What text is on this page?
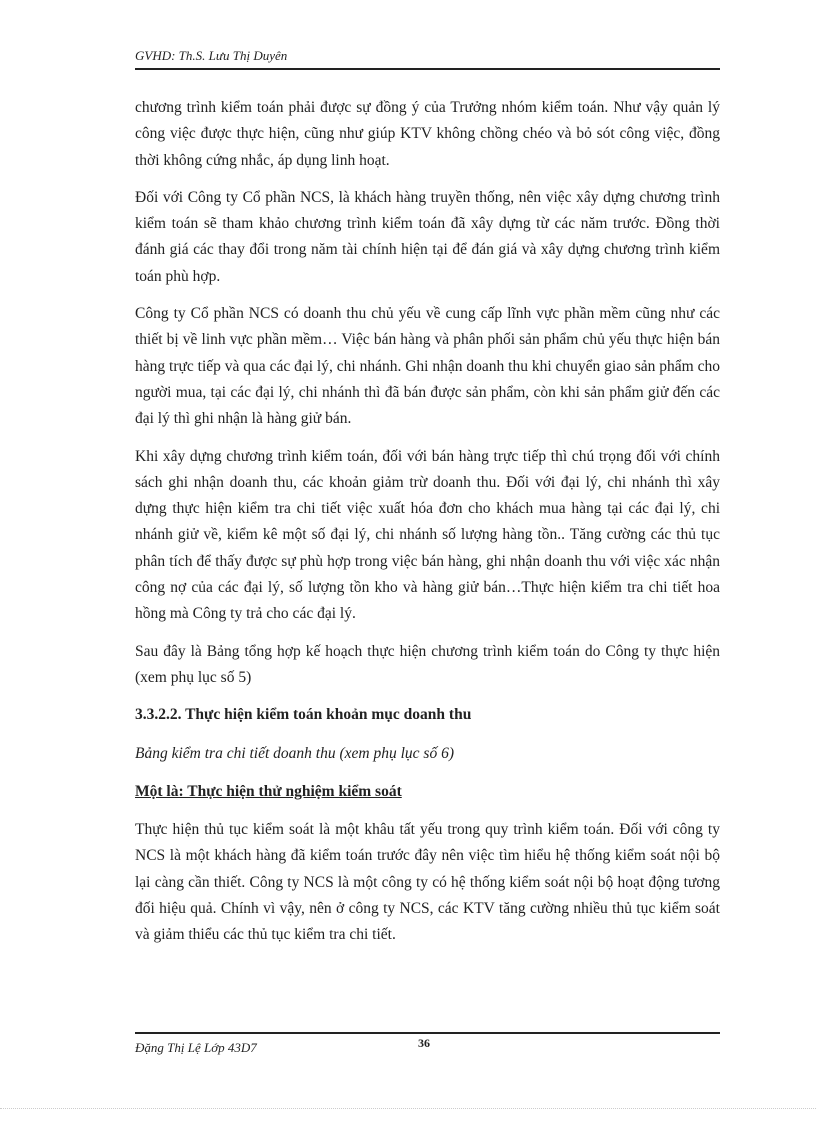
GVHD: Th.S. Lưu Thị Duyên

chương trình kiểm toán phải được sự đồng ý của Trưởng nhóm kiểm toán. Như vậy quản lý công việc được thực hiện, cũng như giúp KTV không chồng chéo và bỏ sót công việc, đồng thời không cứng nhắc, áp dụng linh hoạt.

Đối với Công ty Cổ phần NCS, là khách hàng truyền thống, nên việc xây dựng chương trình kiểm toán sẽ tham khảo chương trình kiểm toán đã xây dựng từ các năm trước. Đồng thời đánh giá các thay đổi trong năm tài chính hiện tại để đán giá và xây dựng chương trình kiểm toán phù hợp.

Công ty Cổ phần NCS có doanh thu chủ yếu về cung cấp lĩnh vực phần mềm cũng như các thiết bị về linh vực phần mềm… Việc bán hàng và phân phối sản phẩm chủ yếu thực hiện bán hàng trực tiếp và qua các đại lý, chi nhánh. Ghi nhận doanh thu khi chuyển giao sản phẩm cho người mua, tại các đại lý, chi nhánh thì đã bán được sản phẩm, còn khi sản phẩm giử đến các đại lý thì ghi nhận là hàng giử bán.

Khi xây dựng chương trình kiểm toán, đối với bán hàng trực tiếp thì chú trọng đối với chính sách ghi nhận doanh thu, các khoản giảm trừ doanh thu. Đối với đại lý, chi nhánh thì xây dựng thực hiện kiểm tra chi tiết việc xuất hóa đơn cho khách mua hàng tại các đại lý, chi nhánh giử về, kiểm kê một số đại lý, chi nhánh số lượng hàng tồn.. Tăng cường các thủ tục phân tích để thấy được sự phù hợp trong việc bán hàng, ghi nhận doanh thu với việc xác nhận công nợ của các đại lý, số lượng tồn kho và hàng giử bán…Thực hiện kiểm tra chi tiết hoa hồng mà Công ty trả cho các đại lý.

Sau đây là Bảng tổng hợp kế hoạch thực hiện chương trình kiểm toán do Công ty thực hiện (xem phụ lục số 5)

3.3.2.2. Thực hiện kiểm toán khoản mục doanh thu

Bảng kiểm tra chi tiết doanh thu (xem phụ lục số 6)

Một là: Thực hiện thử nghiệm kiểm soát

Thực hiện thủ tục kiểm soát là một khâu tất yếu trong quy trình kiểm toán. Đối với công ty NCS là một khách hàng đã kiểm toán trước đây nên việc tìm hiểu hệ thống kiểm soát nội bộ lại càng cần thiết. Công ty NCS là một công ty có hệ thống kiểm soát nội bộ hoạt động tương đối hiệu quả. Chính vì vậy, nên ở công ty NCS, các KTV tăng cường nhiều thủ tục kiểm soát và giảm thiểu các thủ tục kiểm tra chi tiết.

Đặng Thị Lệ Lớp 43D7	36
